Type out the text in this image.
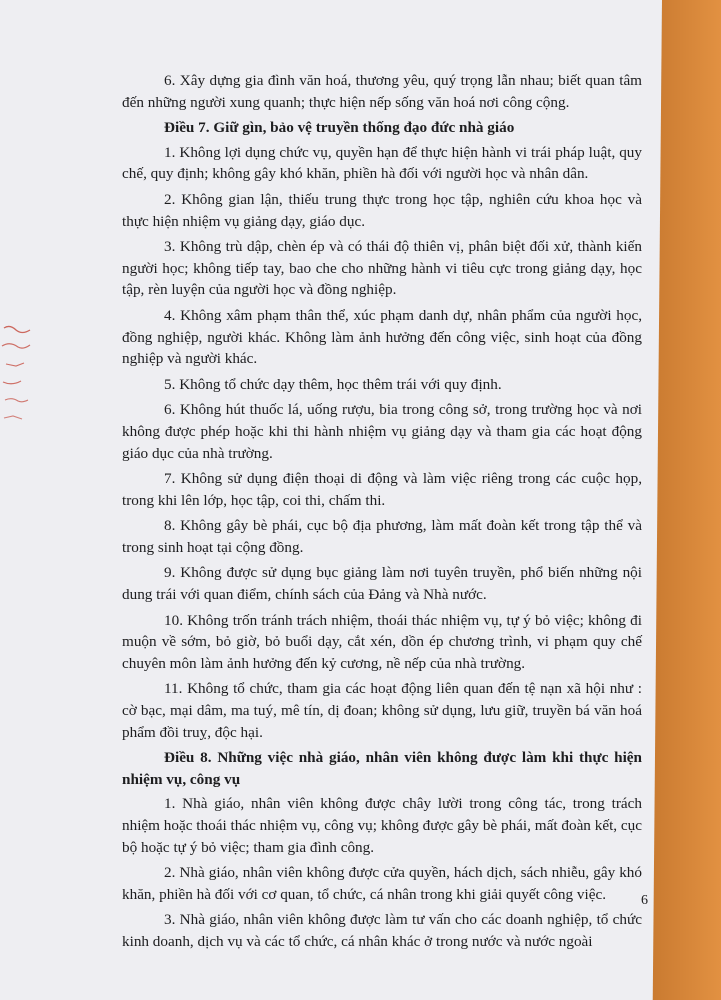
6. Xây dựng gia đình văn hoá, thương yêu, quý trọng lẫn nhau; biết quan tâm đến những người xung quanh; thực hiện nếp sống văn hoá nơi công cộng.

Điều 7. Giữ gìn, bảo vệ truyền thống đạo đức nhà giáo

1. Không lợi dụng chức vụ, quyền hạn để thực hiện hành vi trái pháp luật, quy chế, quy định; không gây khó khăn, phiền hà đối với người học và nhân dân.

2. Không gian lận, thiếu trung thực trong học tập, nghiên cứu khoa học và thực hiện nhiệm vụ giảng dạy, giáo dục.

3. Không trù dập, chèn ép và có thái độ thiên vị, phân biệt đối xử, thành kiến người học; không tiếp tay, bao che cho những hành vi tiêu cực trong giảng dạy, học tập, rèn luyện của người học và đồng nghiệp.

4. Không xâm phạm thân thể, xúc phạm danh dự, nhân phẩm của người học, đồng nghiệp, người khác. Không làm ảnh hưởng đến công việc, sinh hoạt của đồng nghiệp và người khác.

5. Không tổ chức dạy thêm, học thêm trái với quy định.

6. Không hút thuốc lá, uống rượu, bia trong công sở, trong trường học và nơi không được phép hoặc khi thi hành nhiệm vụ giảng dạy và tham gia các hoạt động giáo dục của nhà trường.

7. Không sử dụng điện thoại di động và làm việc riêng trong các cuộc họp, trong khi lên lớp, học tập, coi thi, chấm thi.

8. Không gây bè phái, cục bộ địa phương, làm mất đoàn kết trong tập thể và trong sinh hoạt tại cộng đồng.

9. Không được sử dụng bục giảng làm nơi tuyên truyền, phổ biến những nội dung trái với quan điểm, chính sách của Đảng và Nhà nước.

10. Không trốn tránh trách nhiệm, thoái thác nhiệm vụ, tự ý bỏ việc; không đi muộn về sớm, bỏ giờ, bỏ buổi dạy, cắt xén, dồn ép chương trình, vi phạm quy chế chuyên môn làm ảnh hưởng đến kỷ cương, nề nếp của nhà trường.

11. Không tổ chức, tham gia các hoạt động liên quan đến tệ nạn xã hội như : cờ bạc, mại dâm, ma tuý, mê tín, dị đoan; không sử dụng, lưu giữ, truyền bá văn hoá phẩm đồi truỵ, độc hại.

Điều 8. Những việc nhà giáo, nhân viên không được làm khi thực hiện nhiệm vụ, công vụ

1. Nhà giáo, nhân viên không được chây lười trong công tác, trong trách nhiệm hoặc thoái thác nhiệm vụ, công vụ; không được gây bè phái, mất đoàn kết, cục bộ hoặc tự ý bỏ việc; tham gia đình công.

2. Nhà giáo, nhân viên không được cửa quyền, hách dịch, sách nhiễu, gây khó khăn, phiền hà đối với cơ quan, tổ chức, cá nhân trong khi giải quyết công việc.

3. Nhà giáo, nhân viên không được làm tư vấn cho các doanh nghiệp, tổ chức kinh doanh, dịch vụ và các tổ chức, cá nhân khác ở trong nước và nước ngoài

6
